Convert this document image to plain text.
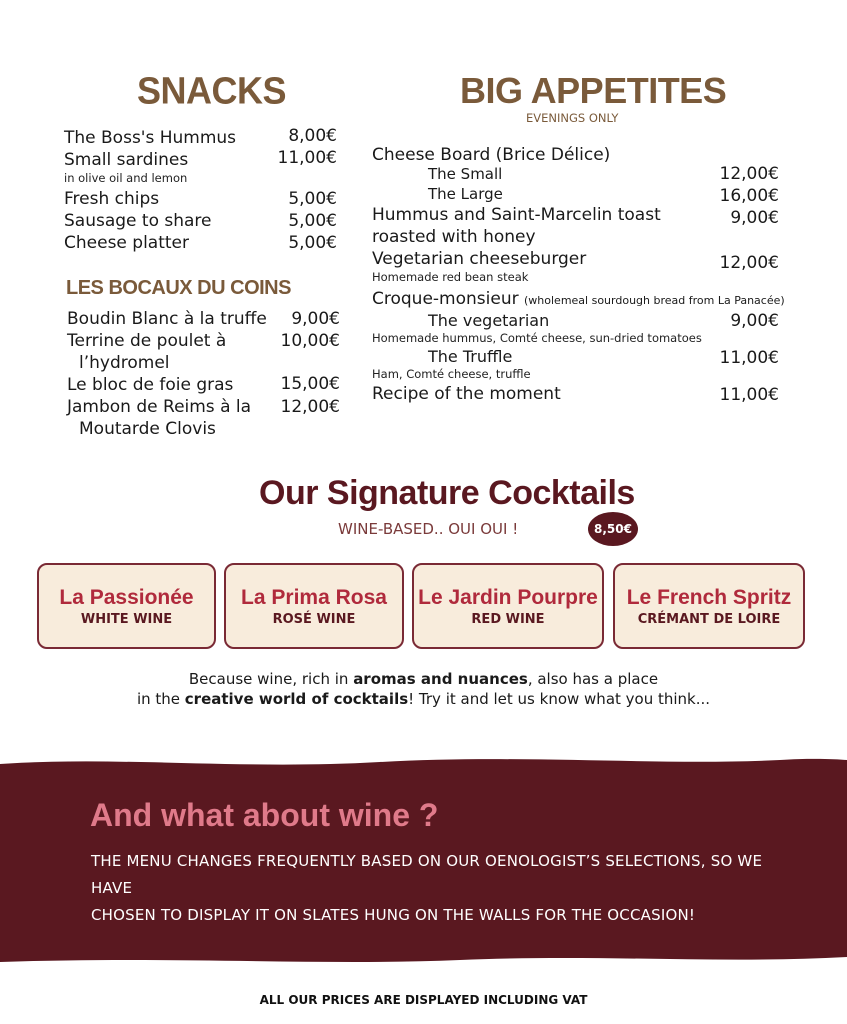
SNACKS
The Boss's Hummus	8,00€
Small sardines	11,00€
in olive oil and lemon
Fresh chips	5,00€
Sausage to share	5,00€
Cheese platter	5,00€
LES BOCAUX DU COINS
Boudin Blanc à la truffe 9,00€
Terrine de poulet à
l’hydromel
10,00€
Le bloc de foie gras	15,00€
Jambon de Reims à la
Moutarde Clovis
12,00€
BIG APPETITES
EVENINGS ONLY
Cheese Board (Brice Délice)
The Small	12,00€
The Large	16,00€
Hummus and Saint-Marcelin toast
roasted with honey
9,00€
Vegetarian cheeseburger
Homemade red bean steak
12,00€
Croque-monsieur (wholemeal sourdough bread from La Panacée)
The vegetarian
Homemade hummus, Comté cheese, sun-dried tomatoes
9,00€
The Truffle
Ham, Comté cheese, truffle
11,00€
Recipe of the moment	11,00€
Our Signature Cocktails
WINE-BASED.. OUI OUI !	8,50€
La Passionée
WHITE WINE
La Prima Rosa
ROSÉ WINE
Le Jardin Pourpre
RED WINE
Le French Spritz
CRÉMANT DE LOIRE
Because wine, rich in aromas and nuances, also has a place
in the creative world of cocktails! Try it and let us know what you think...
And what about wine ?
THE MENU CHANGES FREQUENTLY BASED ON OUR OENOLOGIST’S SELECTIONS, SO WE HAVE
CHOSEN TO DISPLAY IT ON SLATES HUNG ON THE WALLS FOR THE OCCASION!
ALL OUR PRICES ARE DISPLAYED INCLUDING VAT
